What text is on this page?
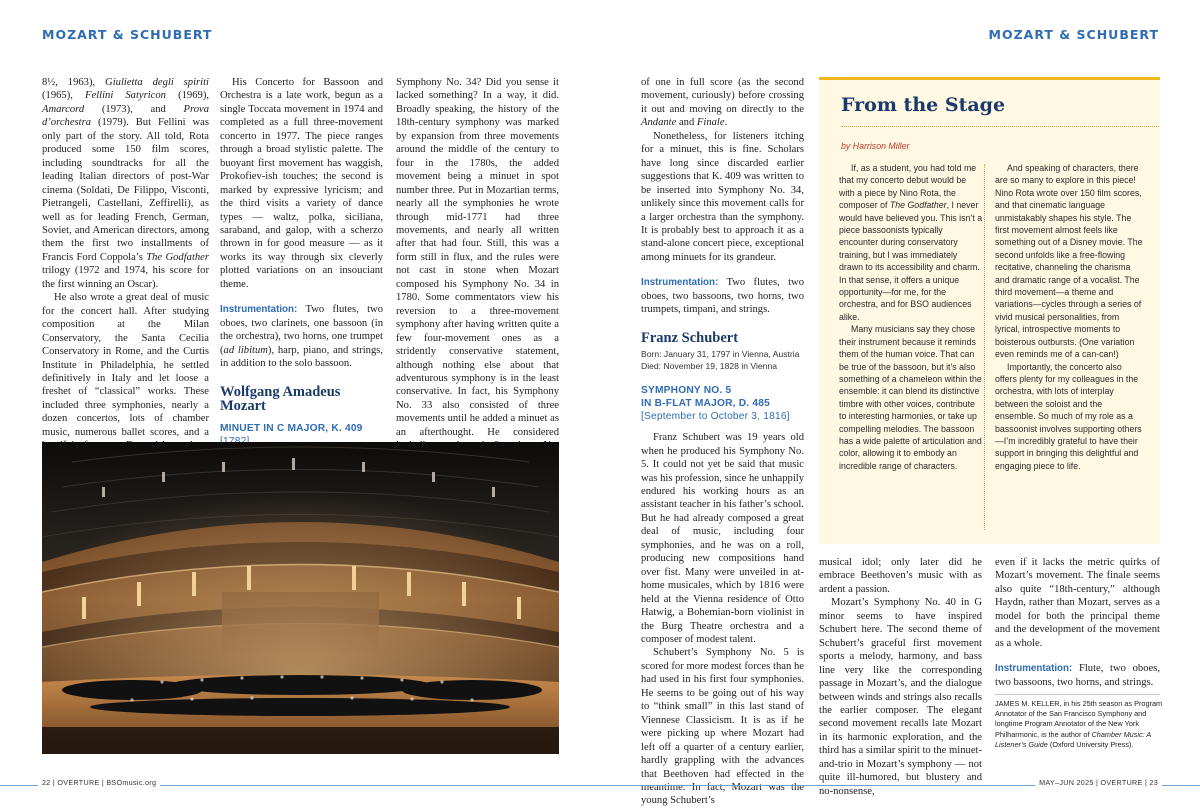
MOZART & SCHUBERT	MOZART & SCHUBERT

8½, 1963), Giulietta degli spiriti (1965), Fellini Satyricon (1969), Amarcord (1973), and Prova d’orchestra (1979). But Fellini was only part of the story. All told, Rota produced some 150 film scores, including soundtracks for all the leading Italian directors of post-War cinema (Soldati, De Filippo, Visconti, Pietrangeli, Castellani, Zeffirelli), as well as for leading French, German, Soviet, and American directors, among them the first two installments of Francis Ford Coppola’s The Godfather trilogy (1972 and 1974, his score for the first winning an Oscar).

He also wrote a great deal of music for the concert hall. After studying composition at the Milan Conservatory, the Santa Cecilia Conservatory in Rome, and the Curtis Institute in Philadelphia, he settled definitively in Italy and let loose a freshet of “classical” works. These included three symphonies, nearly a dozen concertos, lots of chamber music, numerous ballet scores, and a

His Concerto for Bassoon and Orchestra is a late work, begun as a single Toccata movement in 1974 and completed as a full three-movement concerto in 1977. The piece ranges through a broad stylistic palette. The buoyant first movement has waggish, Prokofiev-ish touches; the second is marked by expressive lyricism; and the third visits a variety of dance types — waltz, polka, siciliana, saraband, and galop, with a scherzo thrown in for good measure — as it works its way through six cleverly plotted variations on an insouciant theme.

Instrumentation: Two flutes, two oboes, two clarinets, one bassoon (in the orchestra), two horns, one trumpet (ad libitum), harp, piano, and strings, in addition to the solo bassoon.

Wolfgang Amadeus Mozart
MINUET IN C MAJOR, K. 409

Symphony No. 34? Did you sense it lacked something? In a way, it did. Broadly speaking, the history of the 18th-century symphony was marked by expansion from three movements around the middle of the century to four in the 1780s, the added movement being a minuet in spot number three. Put in Mozartian terms, nearly all the symphonies he wrote through mid-1771 had three movements, and nearly all written after that had four. Still, this was a form still in flux, and the rules were not cast in stone when Mozart composed his Symphony No. 34 in 1780. Some commentators view his reversion to a three-movement symphony after having written quite a few four-movement ones as a stridently conservative statement, although nothing else about that adventurous symphony is in the least conservative. In fact, his Symphony No. 33 also consisted of three movements until he added a minuet as an afterthought. He considered

of one in full score (as the second movement, curiously) before crossing it out and moving on directly to the Andante and Finale.

Nonetheless, for listeners itching for a minuet, this is fine. Scholars have long since discarded earlier suggestions that K. 409 was written to be inserted into Symphony No. 34, unlikely since this movement calls for a larger orchestra than the symphony. It is probably best to approach it as a stand-alone concert piece, exceptional among minuets for its grandeur.

Instrumentation: Two flutes, two oboes, two bassoons, two horns, two trumpets, timpani, and strings.

Franz Schubert
Born: January 31, 1797 in Vienna, Austria
Died: November 19, 1828 in Vienna
SYMPHONY NO. 5
IN B-FLAT MAJOR, D. 485
[September to October 3, 1816]

Franz Schubert was 19 years old when he produced his Symphony No. 5. It could not yet be said that music was his profession, since he unhappily endured his working hours as an assistant teacher in his father’s school. But he had already composed a great deal of music, including four symphonies, and he was on a roll, producing new compositions hand over fist. Many were unveiled in at-home musicales, which by 1816 were held at the Vienna residence of Otto Hatwig, a Bohemian-born violinist in the Burg Theatre orchestra and a composer of modest talent.

Schubert’s Symphony No. 5 is scored for more modest forces than he had used in his first four symphonies. He seems to be going out of his way to “think small” in this last stand of Viennese Classicism. It is as if he were picking up where Mozart had left off a quarter of a century earlier, hardly grappling with the advances that Beethoven had effected in the meantime. In fact, Mozart was the young Schubert’s

From the Stage
by Harrison Miller

If, as a student, you had told me that my concerto debut would be with a piece by Nino Rota, the composer of The Godfather, I never would have believed you. This isn’t a piece bassoonists typically encounter during conservatory training, but I was immediately drawn to its accessibility and charm. In that sense, it offers a unique opportunity—for me, for the orchestra, and for BSO audiences alike.

Many musicians say they chose their instrument because it reminds them of the human voice. That can be true of the bassoon, but it’s also something of a chameleon within the ensemble: it can blend its distinctive timbre with other voices, contribute to interesting harmonies, or take up compelling melodies. The bassoon has a wide palette of articulation and color, allowing it to embody an incredible range of characters.

And speaking of characters, there are so many to explore in this piece! Nino Rota wrote over 150 film scores, and that cinematic language unmistakably shapes his style. The first movement almost feels like something out of a Disney movie. The second unfolds like a free-flowing recitative, channeling the charisma and dramatic range of a vocalist. The third movement—a theme and variations—cycles through a series of vivid musical personalities, from lyrical, introspective moments to boisterous outbursts. (One variation even reminds me of a can-can!)

Importantly, the concerto also offers plenty for my colleagues in the orchestra, with lots of interplay between the soloist and the ensemble. So much of my role as a bassoonist involves supporting others—I’m incredibly grateful to have their support in bringing this delightful and engaging piece to life.

musical idol; only later did he embrace Beethoven’s music with as ardent a passion.

Mozart’s Symphony No. 40 in G minor seems to have inspired Schubert here. The second theme of Schubert’s graceful first movement sports a melody, harmony, and bass line very like the corresponding passage in Mozart’s, and the dialogue between winds and strings also recalls the earlier composer. The elegant second movement recalls late Mozart in its harmonic exploration, and the third has a similar spirit to the minuet-and-trio in Mozart’s symphony — not quite ill-humored, but blustery and no-nonsense,

even if it lacks the metric quirks of Mozart’s movement. The finale seems also quite “18th-century,” although Haydn, rather than Mozart, serves as a model for both the principal theme and the development of the movement as a whole.

Instrumentation: Flute, two oboes, two bassoons, two horns, and strings.

JAMES M. KELLER, in his 25th season as Program Annotator of the San Francisco Symphony and longtime Program Annotator of the New York Philharmonic, is the author of Chamber Music: A Listener’s Guide (Oxford University Press).
22 | OVERTURE | BSOmusic.org	MAY–JUN 2025 | OVERTURE | 23
